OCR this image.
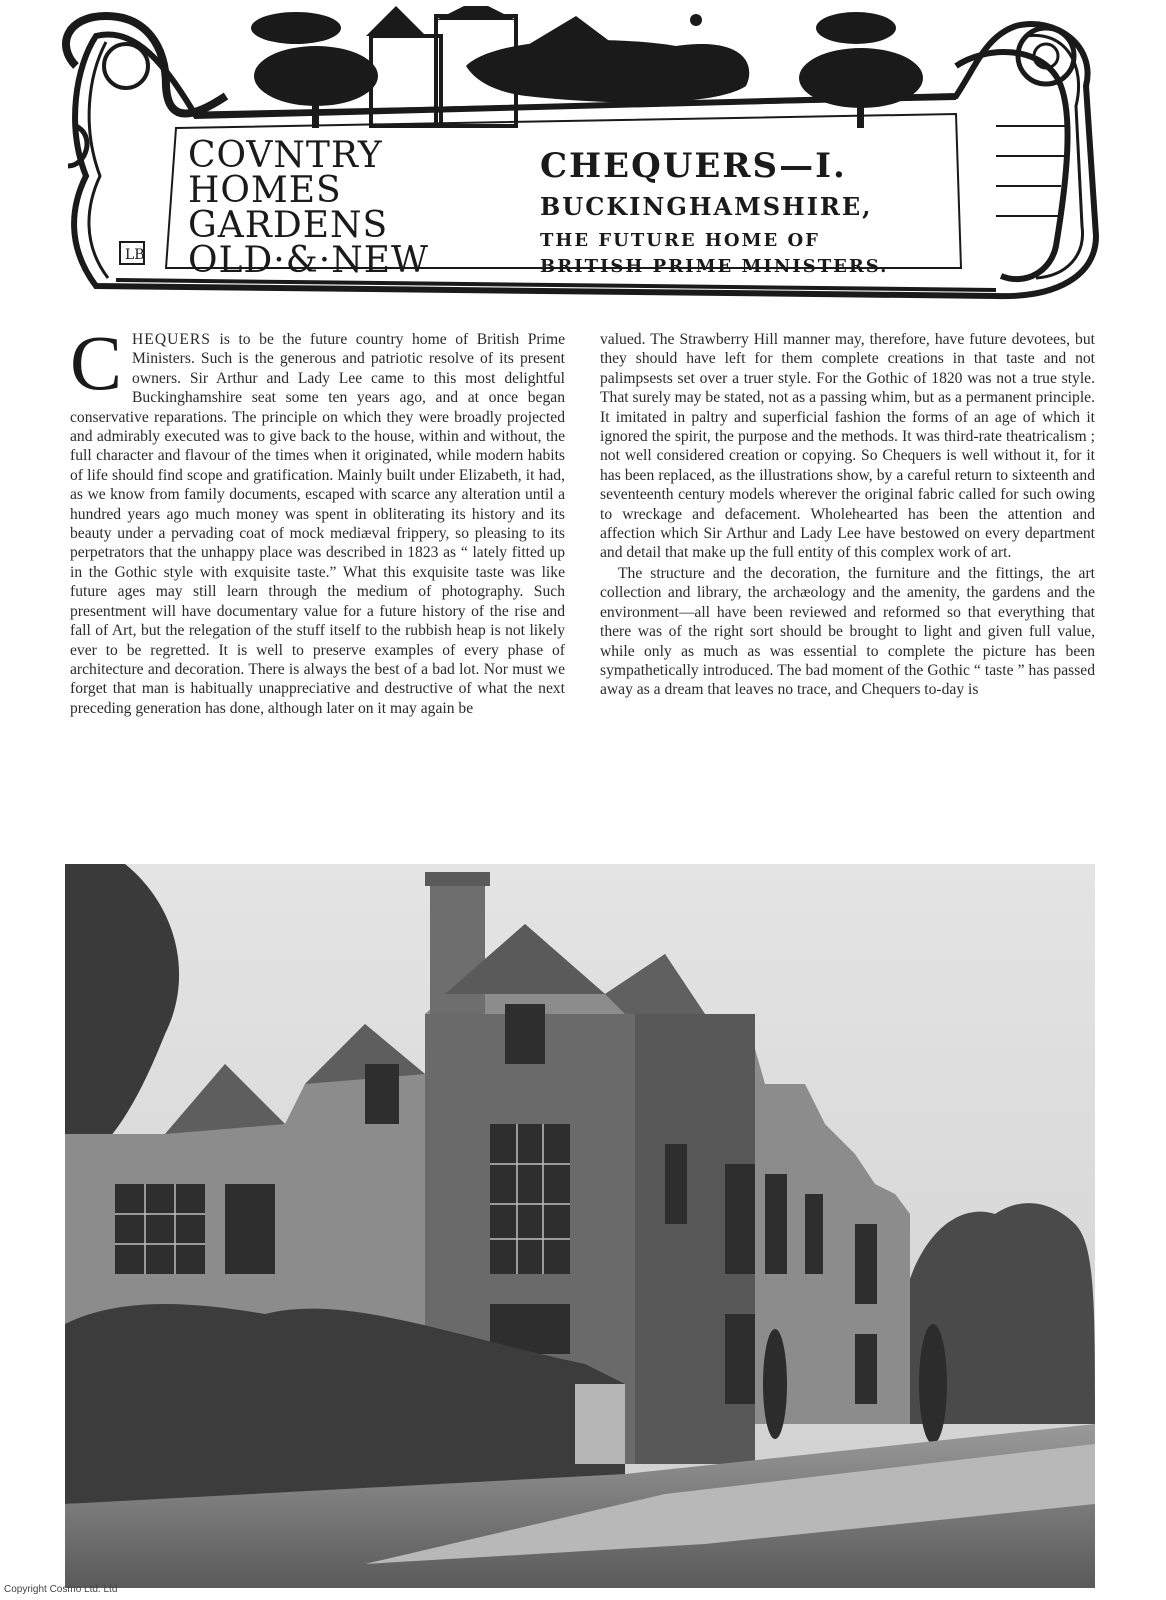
LB
COVNTRY
HOMES
GARDENS
OLD·&·NEW
CHEQUERS—I.
BUCKINGHAMSHIRE,
THE FUTURE HOME OF
BRITISH PRIME MINISTERS.

CHEQUERS is to be the future country home of British Prime Ministers. Such is the generous and patriotic resolve of its present owners. Sir Arthur and Lady Lee came to this most delightful Buckinghamshire seat some ten years ago, and at once began conservative reparations. The principle on which they were broadly projected and admirably executed was to give back to the house, within and without, the full character and flavour of the times when it originated, while modern habits of life should find scope and gratification. Mainly built under Elizabeth, it had, as we know from family documents, escaped with scarce any alteration until a hundred years ago much money was spent in obliterating its history and its beauty under a pervading coat of mock mediæval frippery, so pleasing to its perpetrators that the unhappy place was described in 1823 as “ lately fitted up in the Gothic style with exquisite taste.” What this exquisite taste was like future ages may still learn through the medium of photography. Such presentment will have documentary value for a future history of the rise and fall of Art, but the relegation of the stuff itself to the rubbish heap is not likely ever to be regretted. It is well to preserve examples of every phase of architecture and decoration. There is always the best of a bad lot. Nor must we forget that man is habitually unappreciative and destructive of what the next preceding generation has done, although later on it may again be

valued. The Strawberry Hill manner may, therefore, have future devotees, but they should have left for them complete creations in that taste and not palimpsests set over a truer style. For the Gothic of 1820 was not a true style. That surely may be stated, not as a passing whim, but as a permanent principle. It imitated in paltry and superficial fashion the forms of an age of which it ignored the spirit, the purpose and the methods. It was third-rate theatricalism ; not well considered creation or copying. So Chequers is well without it, for it has been replaced, as the illustrations show, by a careful return to sixteenth and seventeenth century models wherever the original fabric called for such owing to wreckage and defacement. Wholehearted has been the attention and affection which Sir Arthur and Lady Lee have bestowed on every department and detail that make up the full entity of this complex work of art.

The structure and the decoration, the furniture and the fittings, the art collection and library, the archæology and the amenity, the gardens and the environment—all have been reviewed and reformed so that everything that there was of the right sort should be brought to light and given full value, while only as much as was essential to complete the picture has been sympathetically introduced. The bad moment of the Gothic “ taste ” has passed away as a dream that leaves no trace, and Chequers to-day is

Copyright Cosmo Ltd. Ltd
